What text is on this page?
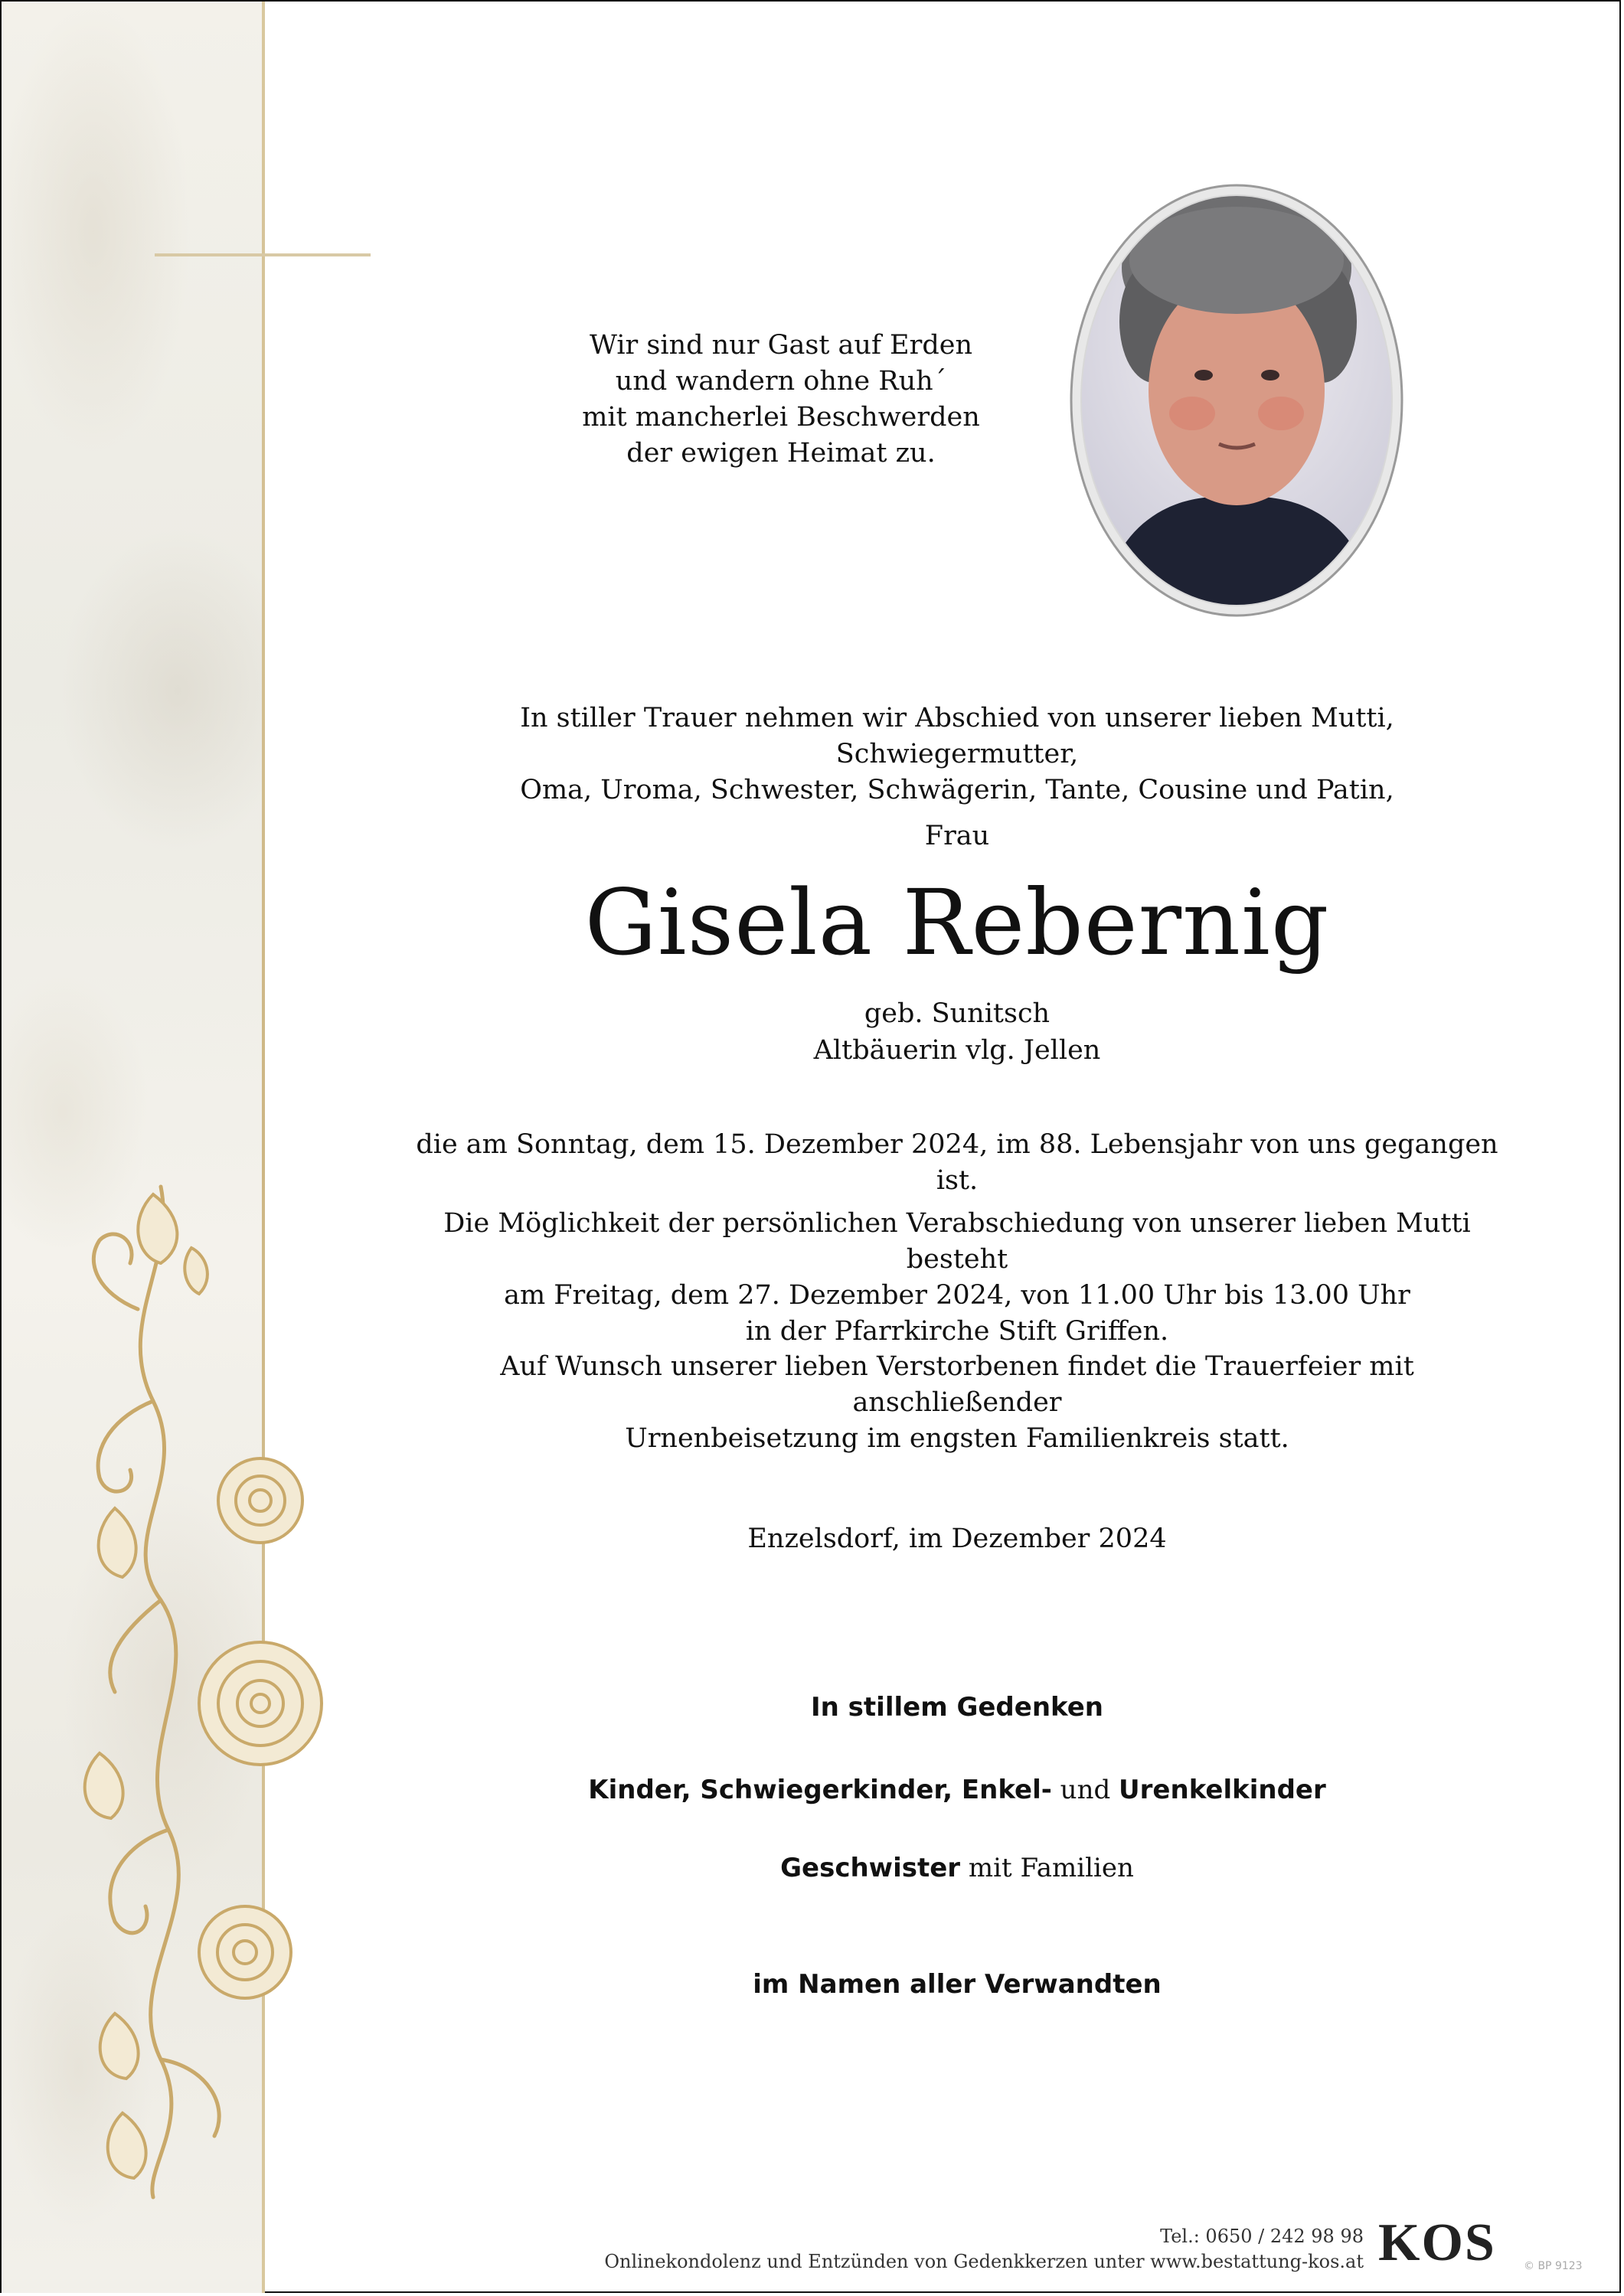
Wir sind nur Gast auf Erden
und wandern ohne Ruh´
mit mancherlei Beschwerden
der ewigen Heimat zu.
In stiller Trauer nehmen wir Abschied von unserer lieben Mutti, Schwiegermutter,
Oma, Uroma, Schwester, Schwägerin, Tante, Cousine und Patin,
Frau
Gisela Rebernig
geb. Sunitsch
Altbäuerin vlg. Jellen
die am Sonntag, dem 15. Dezember 2024, im 88. Lebensjahr von uns gegangen ist.
Die Möglichkeit der persönlichen Verabschiedung von unserer lieben Mutti besteht
am Freitag, dem 27. Dezember 2024, von 11.00 Uhr bis 13.00 Uhr
in der Pfarrkirche Stift Griffen.
Auf Wunsch unserer lieben Verstorbenen findet die Trauerfeier mit anschließender
Urnenbeisetzung im engsten Familienkreis statt.
Enzelsdorf, im Dezember 2024
In stillem Gedenken
Kinder, Schwiegerkinder, Enkel- und Urenkelkinder
Geschwister mit Familien
im Namen aller Verwandten
Tel.: 0650 / 242 98 98
Onlinekondolenz und Entzünden von Gedenkkerzen unter www.bestattung-kos.at KOS	© BP 9123
